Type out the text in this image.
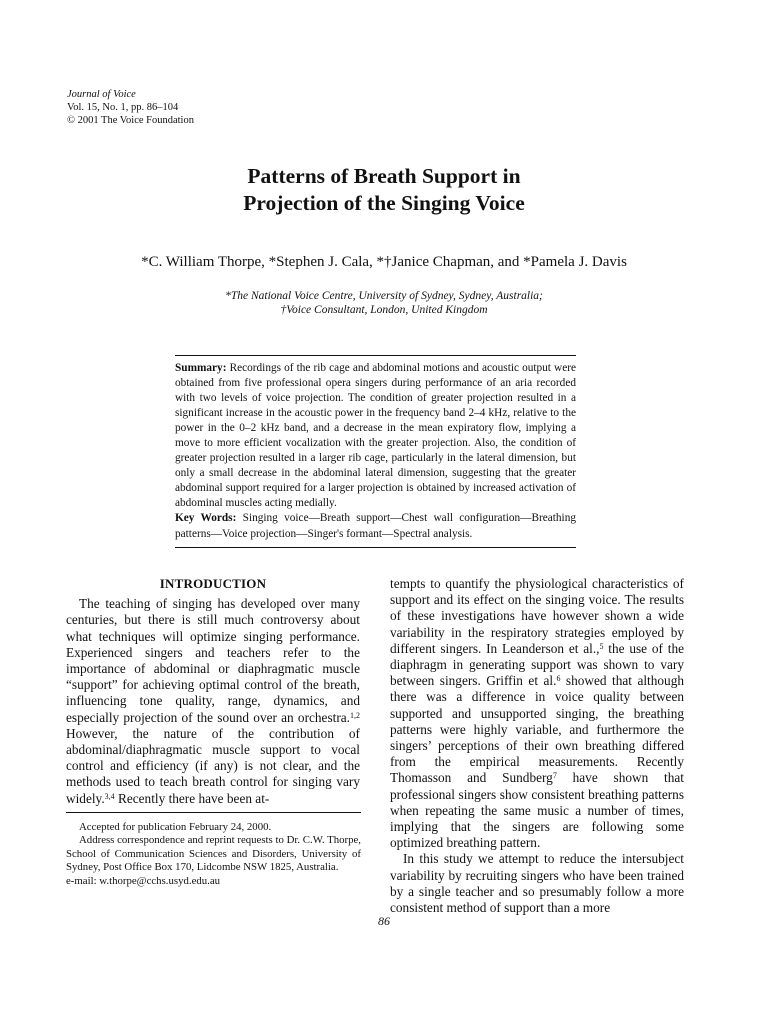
Journal of Voice
Vol. 15, No. 1, pp. 86–104
© 2001 The Voice Foundation
Patterns of Breath Support in
Projection of the Singing Voice
*C. William Thorpe, *Stephen J. Cala, *†Janice Chapman, and *Pamela J. Davis
*The National Voice Centre, University of Sydney, Sydney, Australia;
†Voice Consultant, London, United Kingdom
Summary: Recordings of the rib cage and abdominal motions and acoustic output were obtained from five professional opera singers during performance of an aria recorded with two levels of voice projection. The condition of greater projection resulted in a significant increase in the acoustic power in the frequency band 2–4 kHz, relative to the power in the 0–2 kHz band, and a decrease in the mean expiratory flow, implying a move to more efficient vocalization with the greater projection. Also, the condition of greater projection resulted in a larger rib cage, particularly in the lateral dimension, but only a small decrease in the abdominal lateral dimension, suggesting that the greater abdominal support required for a larger projection is obtained by increased activation of abdominal muscles acting medially.
Key Words: Singing voice—Breath support—Chest wall configuration—Breathing patterns—Voice projection—Singer's formant—Spectral analysis.
INTRODUCTION

The teaching of singing has developed over many centuries, but there is still much controversy about what techniques will optimize singing performance. Experienced singers and teachers refer to the importance of abdominal or diaphragmatic muscle “support” for achieving optimal control of the breath, influencing tone quality, range, dynamics, and especially projection of the sound over an orchestra.$^{1,2}$ However, the nature of the contribution of abdominal/diaphragmatic muscle support to vocal control and efficiency (if any) is not clear, and the methods used to teach breath control for singing vary widely.$^{3,4}$ Recently there have been at-

tempts to quantify the physiological characteristics of support and its effect on the singing voice. The results of these investigations have however shown a wide variability in the respiratory strategies employed by different singers. In Leanderson et al.,$^5$ the use of the diaphragm in generating support was shown to vary between singers. Griffin et al.$^6$ showed that although there was a difference in voice quality between supported and unsupported singing, the breathing patterns were highly variable, and furthermore the singers’ perceptions of their own breathing differed from the empirical measurements. Recently Thomasson and Sundberg$^7$ have shown that professional singers show consistent breathing patterns when repeating the same music a number of times, implying that the singers are following some optimized breathing pattern.

In this study we attempt to reduce the intersubject variability by recruiting singers who have been trained by a single teacher and so presumably follow a more consistent method of support than a more

Accepted for publication February 24, 2000.

Address correspondence and reprint requests to Dr. C.W. Thorpe, School of Communication Sciences and Disorders, University of Sydney, Post Office Box 170, Lidcombe NSW 1825, Australia.

e-mail: w.thorpe@cchs.usyd.edu.au

86
